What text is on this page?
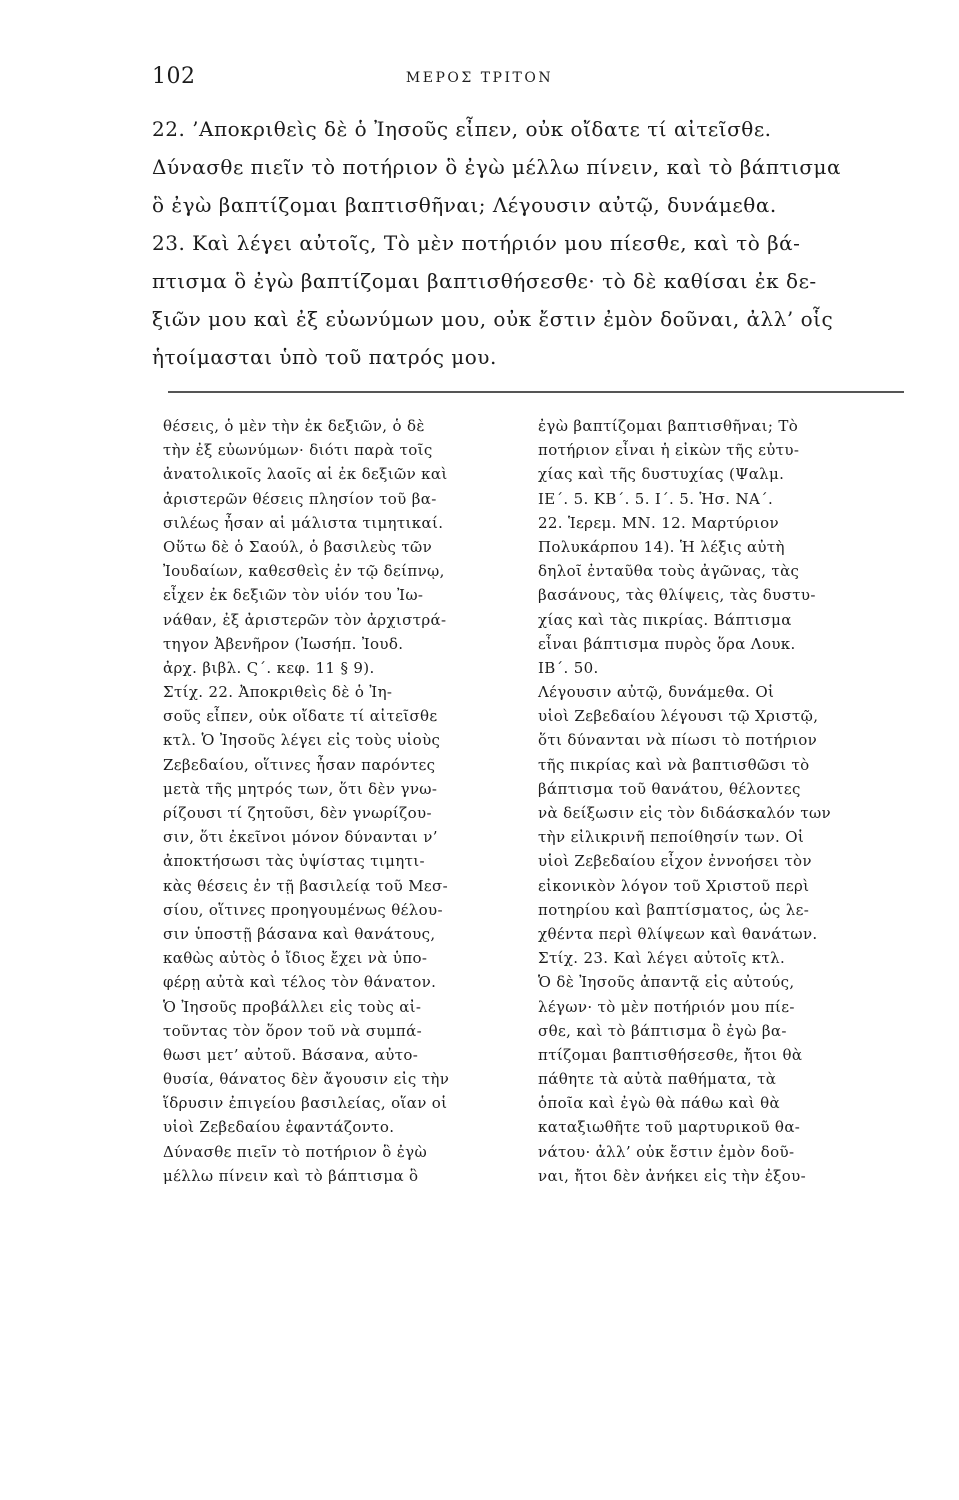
102	ΜΕΡΟΣ ΤΡΙΤΟΝ
22. ’Αποκριθεὶς δὲ ὁ Ἰησοῦς εἶπεν, οὐκ οἴδατε τί αἰτεῖσθε.
Δύνασθε πιεῖν τὸ ποτήριον ὃ ἐγὼ μέλλω πίνειν, καὶ τὸ βάπτισμα
ὃ ἐγὼ βαπτίζομαι βαπτισθῆναι; Λέγουσιν αὐτῷ, δυνάμεθα.
23. Καὶ λέγει αὐτοῖς, Τὸ μὲν ποτήριόν μου πίεσθε, καὶ τὸ βά-
πτισμα ὃ ἐγὼ βαπτίζομαι βαπτισθήσεσθε· τὸ δὲ καθίσαι ἐκ δε-
ξιῶν μου καὶ ἐξ εὐωνύμων μου, οὐκ ἔστιν ἐμὸν δοῦναι, ἀλλ’ οἷς
ἡτοίμασται ὑπὸ τοῦ πατρός μου.
θέσεις, ὁ μὲν τὴν ἐκ δεξιῶν, ὁ δὲ
τὴν ἐξ εὐωνύμων· διότι παρὰ τοῖς
ἀνατολικοῖς λαοῖς αἱ ἐκ δεξιῶν καὶ
ἀριστερῶν θέσεις πλησίον τοῦ βα-
σιλέως ἦσαν αἱ μάλιστα τιμητικαί.
Οὕτω δὲ ὁ Σαούλ, ὁ βασιλεὺς τῶν
Ἰουδαίων, καθεσθεὶς ἐν τῷ δείπνῳ,
εἶχεν ἐκ δεξιῶν τὸν υἱόν του Ἰω-
νάθαν, ἐξ ἀριστερῶν τὸν ἀρχιστρά-
τηγον Ἀβενῆρον (Ἰωσήπ. Ἰουδ.
ἀρχ. βιβλ. Ϛ΄. κεφ. 11 § 9).
Στίχ. 22. Ἀποκριθεὶς δὲ ὁ Ἰη-
σοῦς εἶπεν, οὐκ οἴδατε τί αἰτεῖσθε
κτλ. Ὁ Ἰησοῦς λέγει εἰς τοὺς υἱοὺς
Ζεβεδαίου, οἵτινες ἦσαν παρόντες
μετὰ τῆς μητρός των, ὅτι δὲν γνω-
ρίζουσι τί ζητοῦσι, δὲν γνωρίζου-
σιν, ὅτι ἐκεῖνοι μόνον δύνανται ν’
ἀποκτήσωσι τὰς ὑψίστας τιμητι-
κὰς θέσεις ἐν τῇ βασιλείᾳ τοῦ Μεσ-
σίου, οἵτινες προηγουμένως θέλου-
σιν ὑποστῇ βάσανα καὶ θανάτους,
καθὼς αὐτὸς ὁ ἴδιος ἔχει νὰ ὑπο-
φέρῃ αὐτὰ καὶ τέλος τὸν θάνατον.
Ὁ Ἰησοῦς προβάλλει εἰς τοὺς αἰ-
τοῦντας τὸν ὅρον τοῦ νὰ συμπά-
θωσι μετ’ αὐτοῦ. Βάσανα, αὐτο-
θυσία, θάνατος δὲν ἄγουσιν εἰς τὴν
ἵδρυσιν ἐπιγείου βασιλείας, οἵαν οἱ
υἱοὶ Ζεβεδαίου ἐφαντάζοντο.
Δύνασθε πιεῖν τὸ ποτήριον ὃ ἐγὼ
μέλλω πίνειν καὶ τὸ βάπτισμα ὃ
ἐγὼ βαπτίζομαι βαπτισθῆναι; Τὸ
ποτήριον εἶναι ἡ εἰκὼν τῆς εὐτυ-
χίας καὶ τῆς δυστυχίας (Ψαλμ.
ΙΕ΄. 5. ΚΒ΄. 5. Ι΄. 5. Ἡσ. ΝΑ΄.
22. Ἱερεμ. ΜΝ. 12. Μαρτύριον
Πολυκάρπου 14). Ἡ λέξις αὐτὴ
δηλοῖ ἐνταῦθα τοὺς ἀγῶνας, τὰς
βασάνους, τὰς θλίψεις, τὰς δυστυ-
χίας καὶ τὰς πικρίας. Βάπτισμα
εἶναι βάπτισμα πυρὸς ὅρα Λουκ.
ΙΒ΄. 50.
Λέγουσιν αὐτῷ, δυνάμεθα. Οἱ
υἱοὶ Ζεβεδαίου λέγουσι τῷ Χριστῷ,
ὅτι δύνανται νὰ πίωσι τὸ ποτήριον
τῆς πικρίας καὶ νὰ βαπτισθῶσι τὸ
βάπτισμα τοῦ θανάτου, θέλοντες
νὰ δείξωσιν εἰς τὸν διδάσκαλόν των
τὴν εἰλικρινῆ πεποίθησίν των. Οἱ
υἱοὶ Ζεβεδαίου εἶχον ἐννοήσει τὸν
εἰκονικὸν λόγον τοῦ Χριστοῦ περὶ
ποτηρίου καὶ βαπτίσματος, ὡς λε-
χθέντα περὶ θλίψεων καὶ θανάτων.
Στίχ. 23. Καὶ λέγει αὐτοῖς κτλ.
Ὁ δὲ Ἰησοῦς ἀπαντᾷ εἰς αὐτούς,
λέγων· τὸ μὲν ποτήριόν μου πίε-
σθε, καὶ τὸ βάπτισμα ὃ ἐγὼ βα-
πτίζομαι βαπτισθήσεσθε, ἤτοι θὰ
πάθητε τὰ αὐτὰ παθήματα, τὰ
ὁποῖα καὶ ἐγὼ θὰ πάθω καὶ θὰ
καταξιωθῆτε τοῦ μαρτυρικοῦ θα-
νάτου· ἀλλ’ οὐκ ἔστιν ἐμὸν δοῦ-
ναι, ἤτοι δὲν ἀνήκει εἰς τὴν ἐξου-
